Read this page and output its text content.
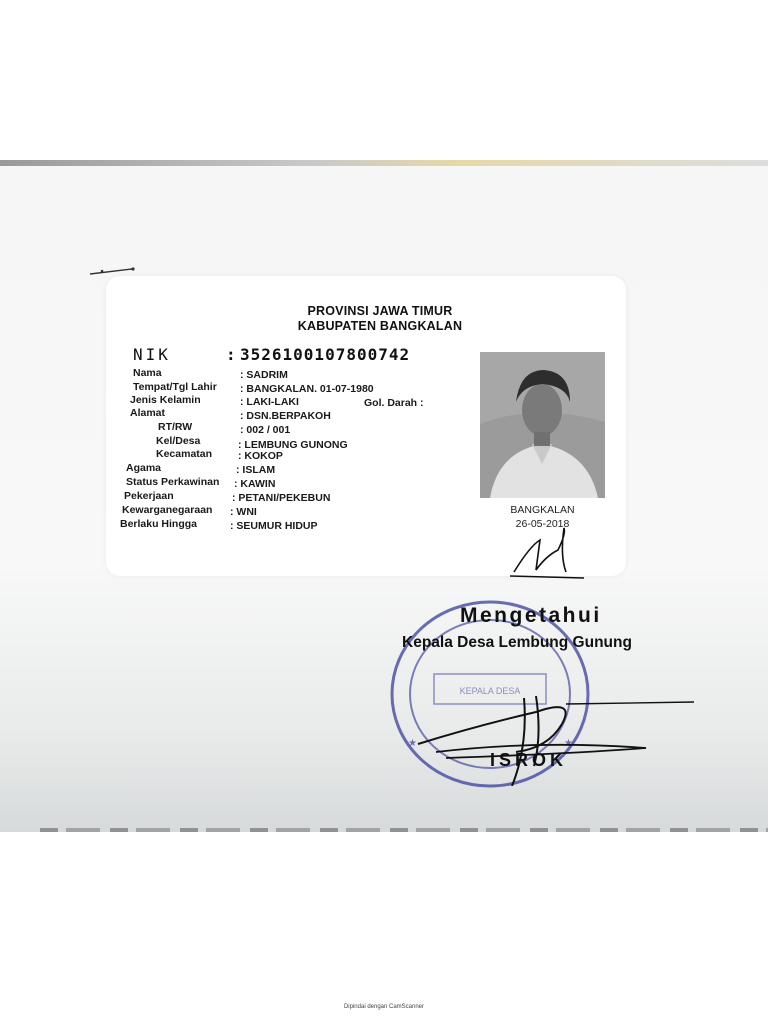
PROVINSI JAWA TIMUR
KABUPATEN BANGKALAN
NIK	: 3526100107800742
Nama	: SADRIM
Tempat/Tgl Lahir : BANGKALAN. 01-07-1980
Jenis Kelamin	: LAKI-LAKI
Alamat	: DSN.BERPAKOH
RT/RW	: 002 / 001
Kel/Desa	: LEMBUNG GUNONG
Kecamatan : KOKOP
Agama	: ISLAM
Status Perkawinan : KAWIN
Pekerjaan	: PETANI/PEKEBUN
Kewarganegaraan : WNI
Berlaku Hingga	: SEUMUR HIDUP
Gol. Darah :
BANGKALAN
26-05-2018
KEPALA DESA
★	★
Mengetahui
Kepala Desa Lembung Gunung
ISROK
Dipindai dengan CamScanner
